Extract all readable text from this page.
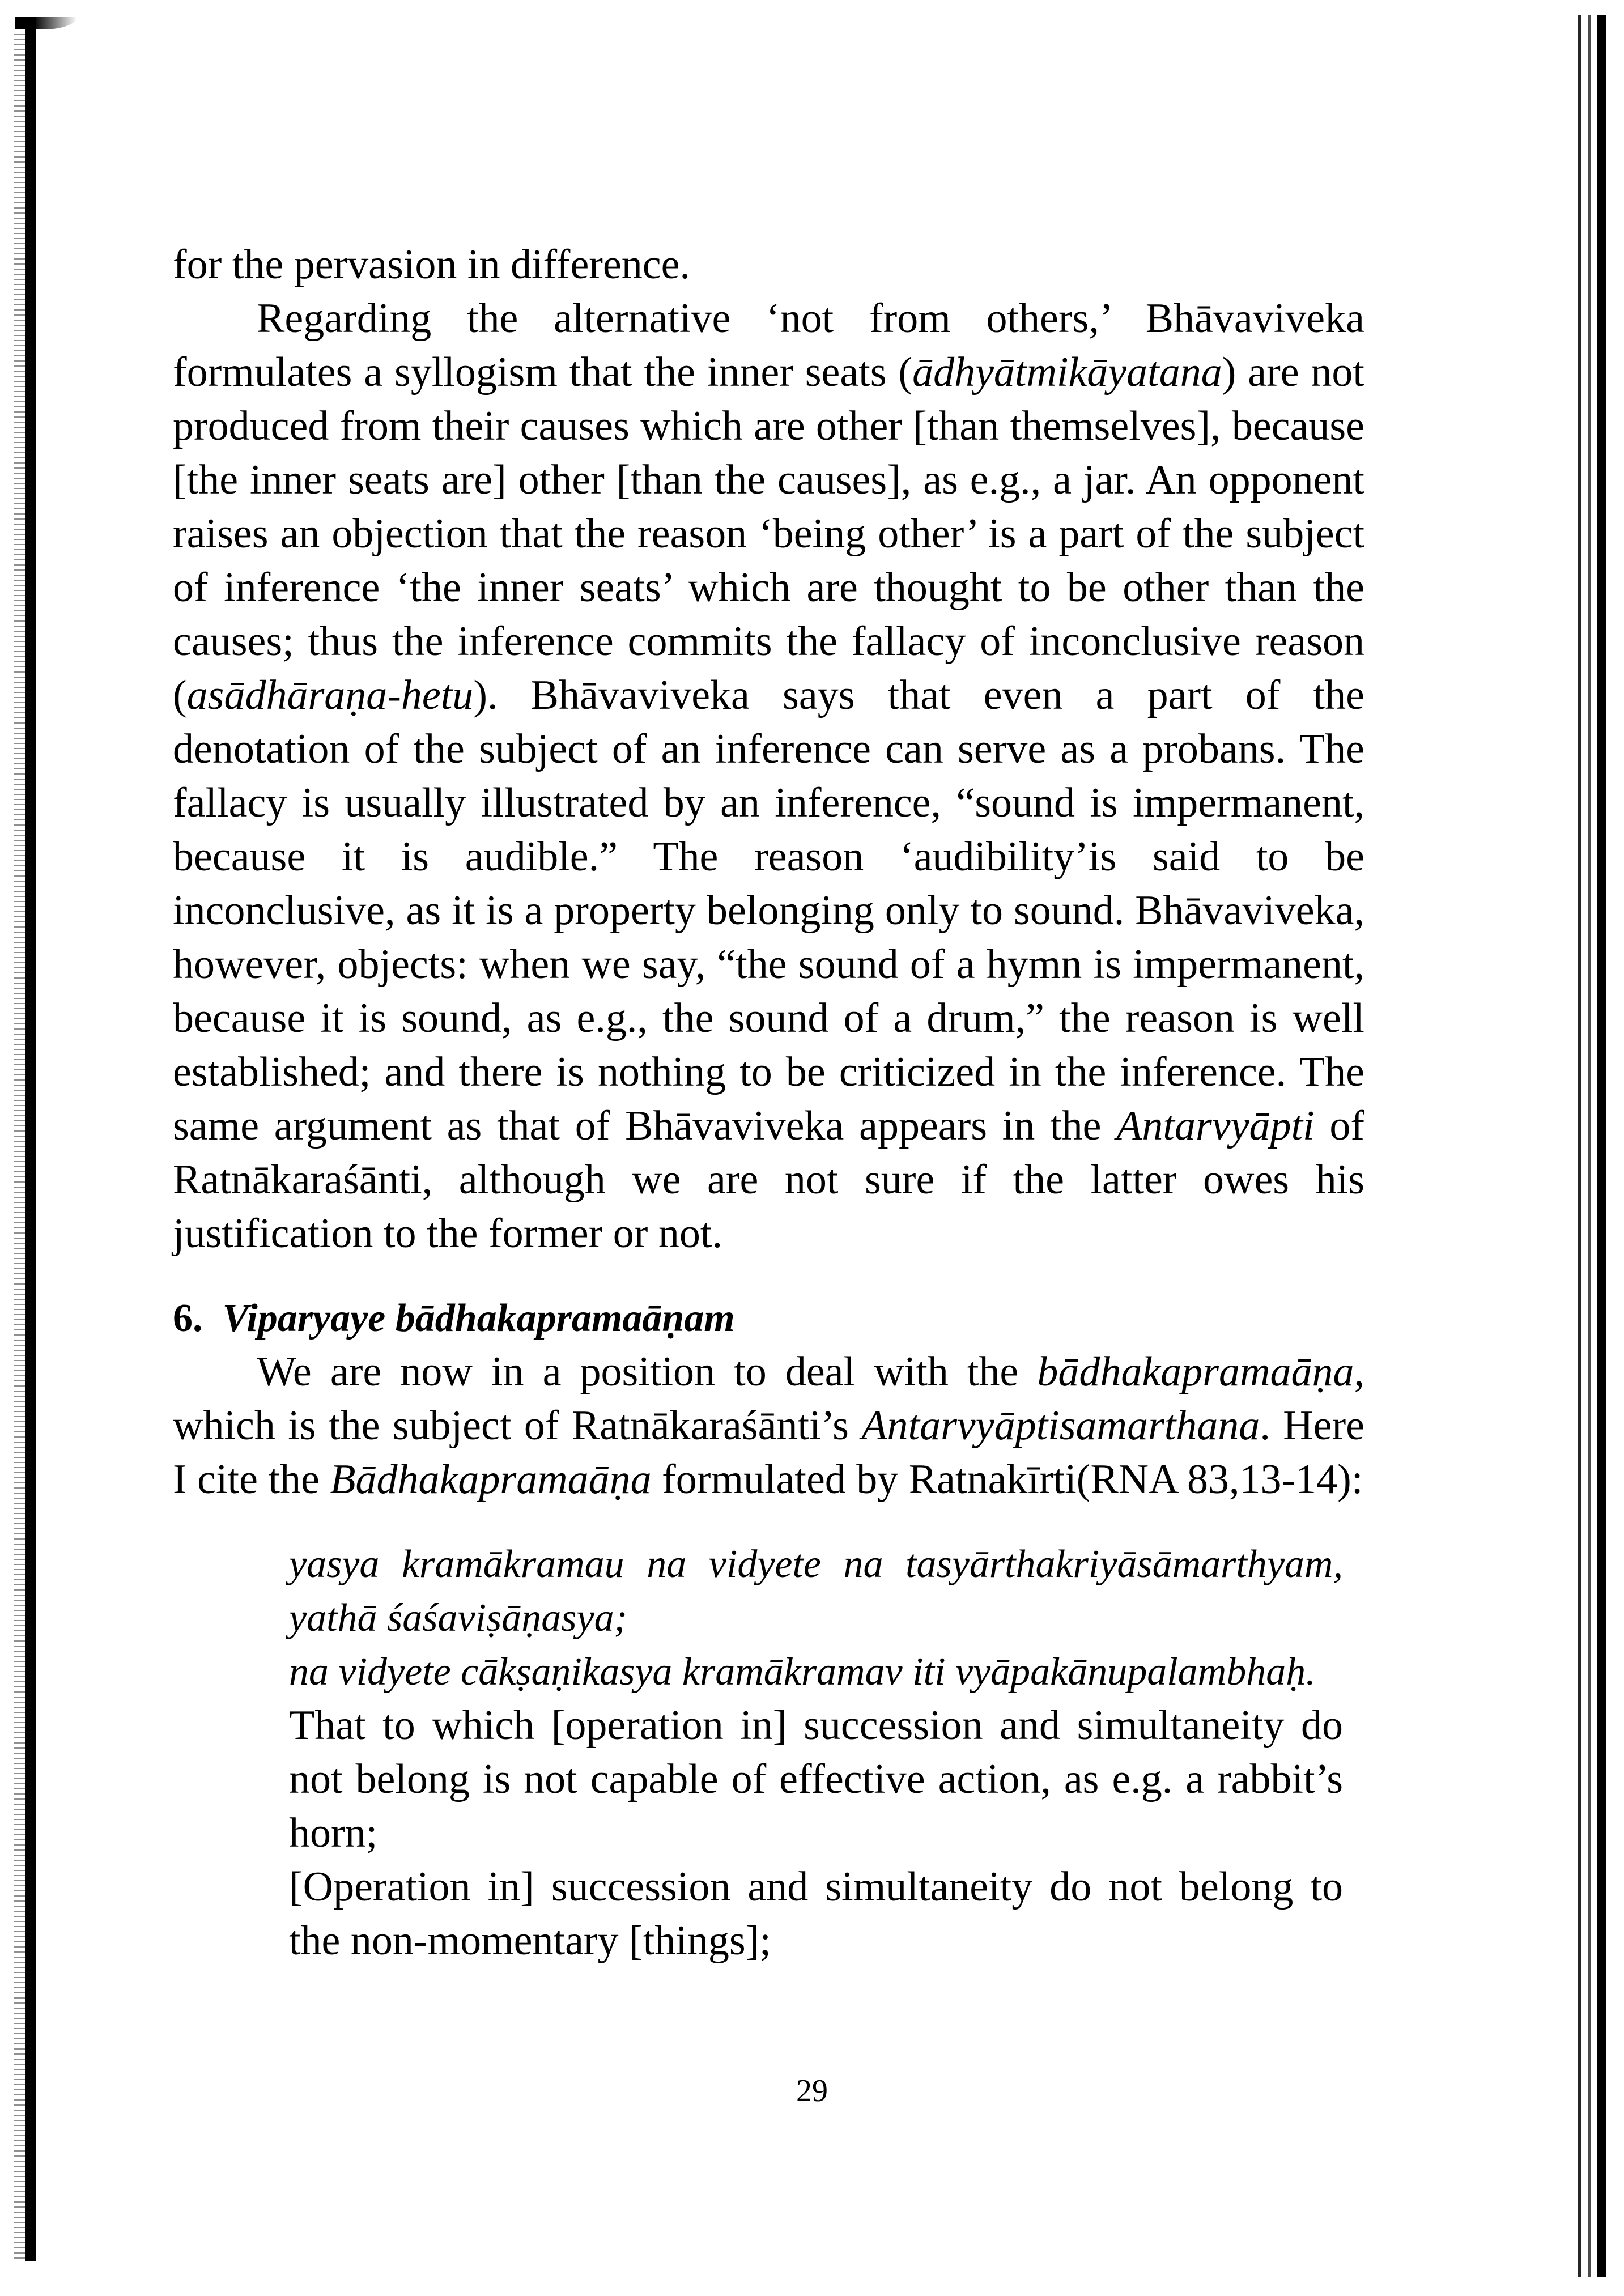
for the pervasion in difference.

Regarding the alternative ‘not from others,’ Bhāvaviveka formulates a syllogism that the inner seats (ādhyātmikāyatana) are not produced from their causes which are other [than themselves], because [the inner seats are] other [than the causes], as e.g., a jar. An opponent raises an objection that the reason ‘being other’ is a part of the subject of inference ‘the inner seats’ which are thought to be other than the causes; thus the inference commits the fallacy of inconclusive reason (asādhāraṇa-hetu). Bhāvaviveka says that even a part of the denotation of the subject of an inference can serve as a probans. The fallacy is usually illustrated by an inference, “sound is impermanent, because it is audible.” The reason ‘audibility’is said to be inconclusive, as it is a property belonging only to sound. Bhāvaviveka, however, objects: when we say, “the sound of a hymn is impermanent, because it is sound, as e.g., the sound of a drum,” the reason is well established; and there is nothing to be criticized in the inference. The same argument as that of Bhāvaviveka appears in the Antarvyāpti of Ratnākaraśānti, although we are not sure if the latter owes his justification to the former or not.

6. Viparyaye bādhakapramaāṇam

We are now in a position to deal with the bādhakapramaāṇa, which is the subject of Ratnākaraśānti’s Antarvyāptisamarthana. Here I cite the Bādhakapramaāṇa formulated by Ratnakīrti(RNA 83,13-14):

yasya kramākramau na vidyete na tasyārthakriyāsāmarthyam,

yathā śaśaviṣāṇasya;

na vidyete cākṣaṇikasya kramākramav iti vyāpakānupalambhaḥ.

That to which [operation in] succession and simultaneity do not belong is not capable of effective action, as e.g. a rabbit’s horn;

[Operation in] succession and simultaneity do not belong to the non-momentary [things];

29
